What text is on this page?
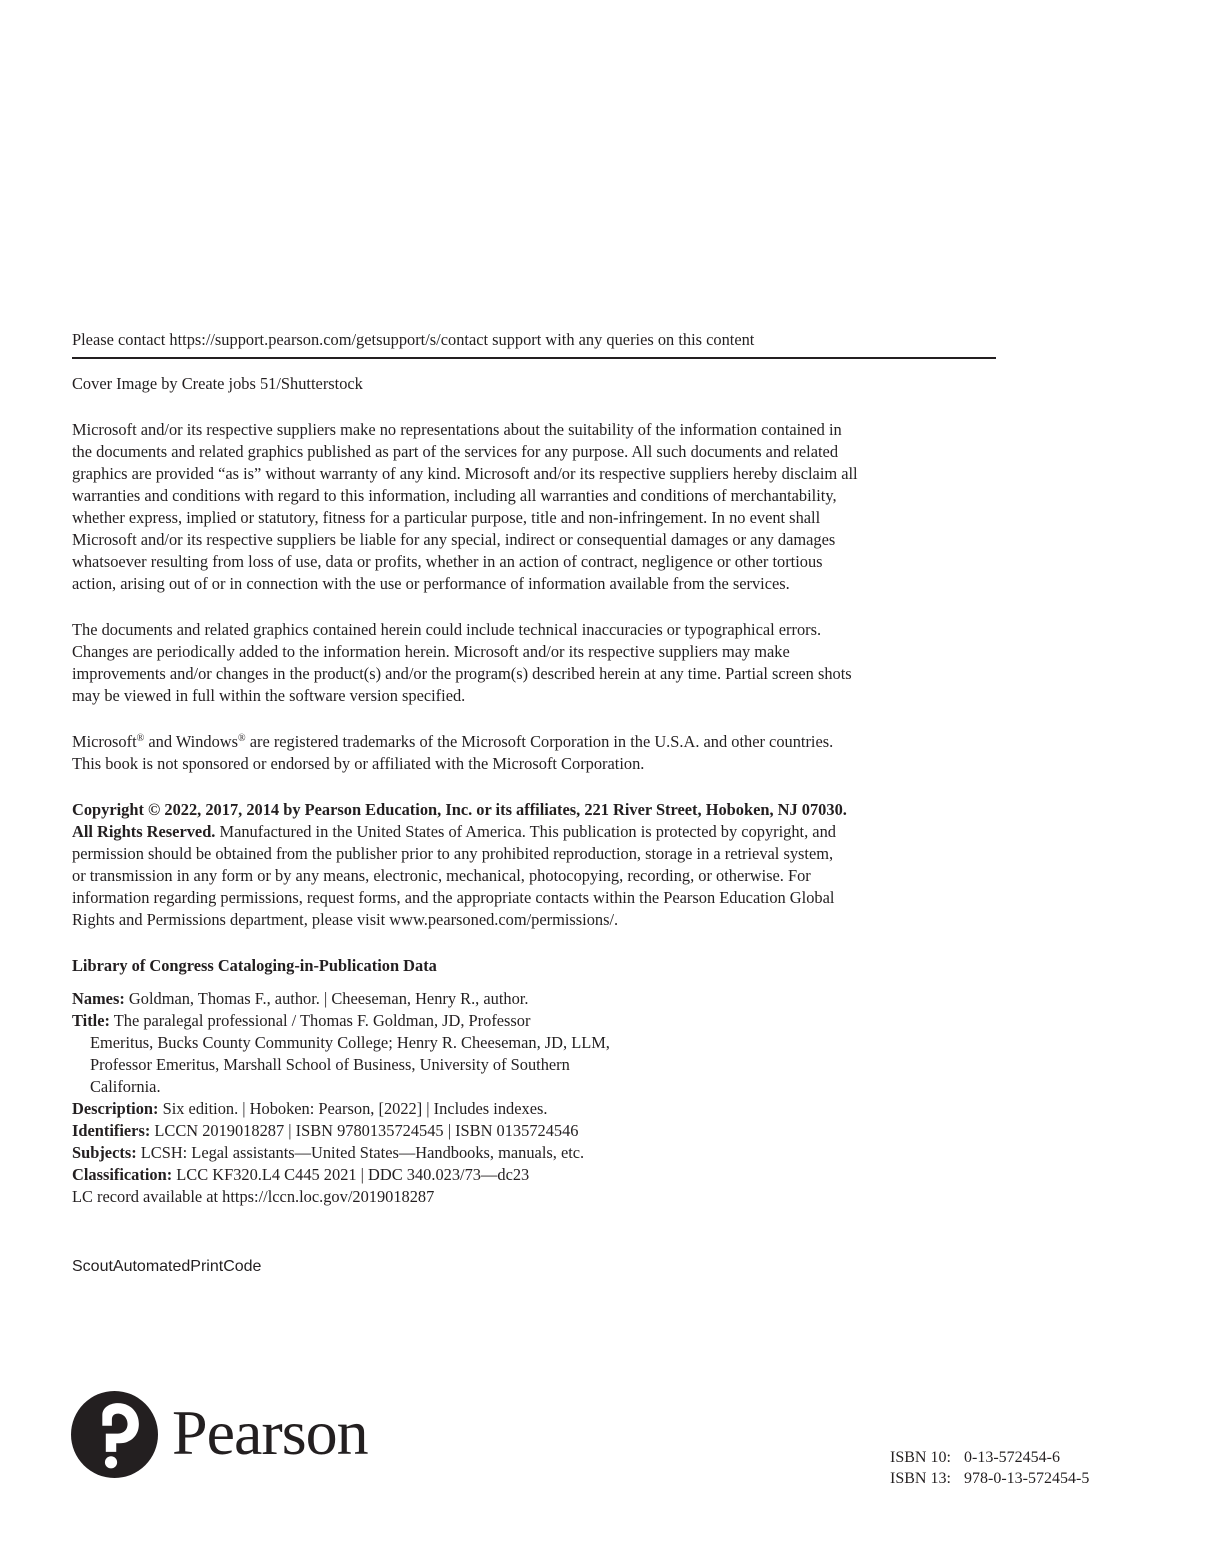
Please contact https://support.pearson.com/getsupport/s/contact support with any queries on this content

Cover Image by Create jobs 51/Shutterstock

Microsoft and/or its respective suppliers make no representations about the suitability of the information contained in
the documents and related graphics published as part of the services for any purpose. All such documents and related
graphics are provided “as is” without warranty of any kind. Microsoft and/or its respective suppliers hereby disclaim all
warranties and conditions with regard to this information, including all warranties and conditions of merchantability,
whether express, implied or statutory, fitness for a particular purpose, title and non-infringement. In no event shall
Microsoft and/or its respective suppliers be liable for any special, indirect or consequential damages or any damages
whatsoever resulting from loss of use, data or profits, whether in an action of contract, negligence or other tortious
action, arising out of or in connection with the use or performance of information available from the services.

The documents and related graphics contained herein could include technical inaccuracies or typographical errors.
Changes are periodically added to the information herein. Microsoft and/or its respective suppliers may make
improvements and/or changes in the product(s) and/or the program(s) described herein at any time. Partial screen shots
may be viewed in full within the software version specified.

Microsoft® and Windows® are registered trademarks of the Microsoft Corporation in the U.S.A. and other countries.
This book is not sponsored or endorsed by or affiliated with the Microsoft Corporation.

Copyright © 2022, 2017, 2014 by Pearson Education, Inc. or its affiliates, 221 River Street, Hoboken, NJ 07030.
All Rights Reserved. Manufactured in the United States of America. This publication is protected by copyright, and
permission should be obtained from the publisher prior to any prohibited reproduction, storage in a retrieval system,
or transmission in any form or by any means, electronic, mechanical, photocopying, recording, or otherwise. For
information regarding permissions, request forms, and the appropriate contacts within the Pearson Education Global
Rights and Permissions department, please visit www.pearsoned.com/permissions/.

Library of Congress Cataloging-in-Publication Data

Names: Goldman, Thomas F., author. | Cheeseman, Henry R., author.
Title: The paralegal professional / Thomas F. Goldman, JD, Professor
Emeritus, Bucks County Community College; Henry R. Cheeseman, JD, LLM,
Professor Emeritus, Marshall School of Business, University of Southern
California.
Description: Six edition. | Hoboken: Pearson, [2022] | Includes indexes.
Identifiers: LCCN 2019018287 | ISBN 9780135724545 | ISBN 0135724546
Subjects: LCSH: Legal assistants—United States—Handbooks, manuals, etc.
Classification: LCC KF320.L4 C445 2021 | DDC 340.023/73—dc23
LC record available at https://lccn.loc.gov/2019018287

ScoutAutomatedPrintCode
Pearson	ISBN 10: 0-13-572454-6
ISBN 13: 978-0-13-572454-5
